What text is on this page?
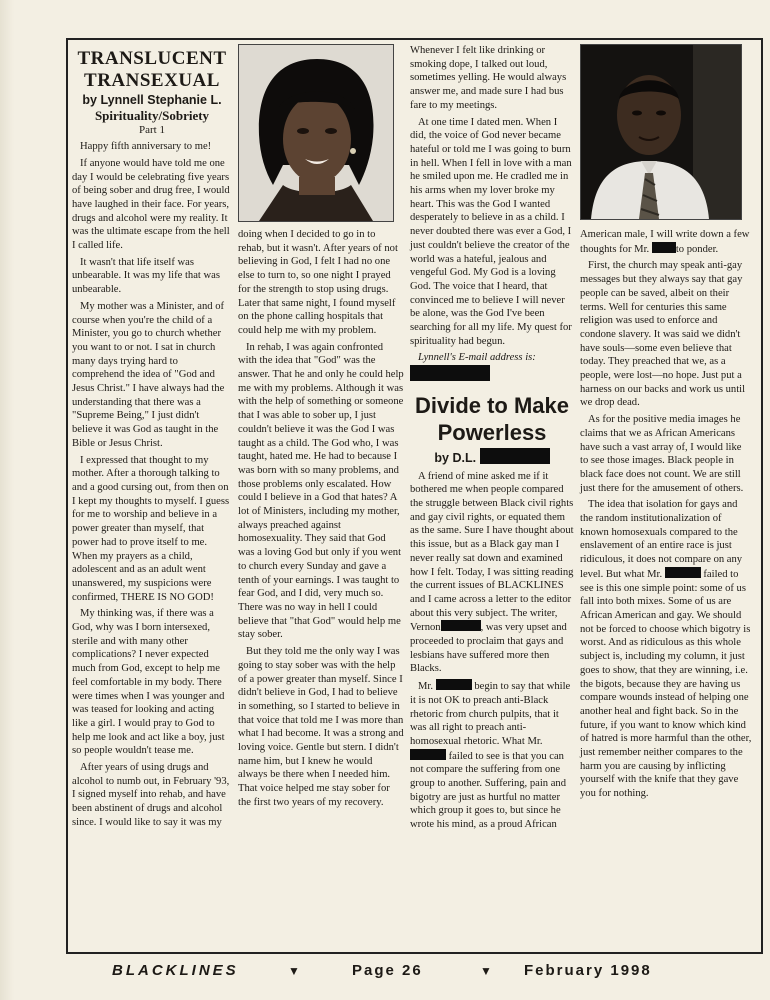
TRANSLUCENT
TRANSEXUAL
by Lynnell Stephanie L.
Spirituality/Sobriety
Part 1

Happy fifth anniversary to me!

If anyone would have told me one day I would be celebrating five years of being sober and drug free, I would have laughed in their face. For years, drugs and alcohol were my reality. It was the ultimate escape from the hell I called life.

It wasn't that life itself was unbearable. It was my life that was unbearable.

My mother was a Minister, and of course when you're the child of a Minister, you go to church whether you want to or not. I sat in church many days trying hard to comprehend the idea of "God and Jesus Christ." I have always had the understanding that there was a "Supreme Being," I just didn't believe it was God as taught in the Bible or Jesus Christ.

I expressed that thought to my mother. After a thorough talking to and a good cursing out, from then on I kept my thoughts to myself. I guess for me to worship and believe in a power greater than myself, that power had to prove itself to me. When my prayers as a child, adolescent and as an adult went unanswered, my suspicions were confirmed, THERE IS NO GOD!

My thinking was, if there was a God, why was I born intersexed, sterile and with many other complications? I never expected much from God, except to help me feel comfortable in my body. There were times when I was younger and was teased for looking and acting like a girl. I would pray to God to help me look and act like a boy, just so people wouldn't tease me.

After years of using drugs and alcohol to numb out, in February '93, I signed myself into rehab, and have been abstinent of drugs and alcohol since. I would like to say it was my

doing when I decided to go in to rehab, but it wasn't. After years of not believing in God, I felt I had no one else to turn to, so one night I prayed for the strength to stop using drugs. Later that same night, I found myself on the phone calling hospitals that could help me with my problem.

In rehab, I was again confronted with the idea that "God" was the answer. That he and only he could help me with my problems. Although it was with the help of something or someone that I was able to sober up, I just couldn't believe it was the God I was taught as a child. The God who, I was taught, hated me. He had to because I was born with so many problems, and those problems only escalated. How could I believe in a God that hates? A lot of Ministers, including my mother, always preached against homosexuality. They said that God was a loving God but only if you went to church every Sunday and gave a tenth of your earnings. I was taught to fear God, and I did, very much so. There was no way in hell I could believe that "that God" would help me stay sober.

But they told me the only way I was going to stay sober was with the help of a power greater than myself. Since I didn't believe in God, I had to believe in something, so I started to believe in that voice that told me I was more than what I had become. It was a strong and loving voice. Gentle but stern. I didn't name him, but I knew he would always be there when I needed him. That voice helped me stay sober for the first two years of my recovery.

Whenever I felt like drinking or smoking dope, I talked out loud, sometimes yelling. He would always answer me, and made sure I had bus fare to my meetings.

At one time I dated men. When I did, the voice of God never became hateful or told me I was going to burn in hell. When I fell in love with a man he smiled upon me. He cradled me in his arms when my lover broke my heart. This was the God I wanted desperately to believe in as a child. I never doubted there was ever a God, I just couldn't believe the creator of the world was a hateful, jealous and vengeful God. My God is a loving God. The voice that I heard, that convinced me to believe I will never be alone, was the God I've been searching for all my life. My quest for spirituality had begun.

Lynnell's E-mail address is:

Divide to Make
Powerless
by D.L.

A friend of mine asked me if it bothered me when people compared the struggle between Black civil rights and gay civil rights, or equated them as the same. Sure I have thought about this issue, but as a Black gay man I never really sat down and examined how I felt. Today, I was sitting reading the current issues of BLACKLINES and I came across a letter to the editor about this very subject. The writer, Vernon	, was very upset and proceeded to proclaim that gays and lesbians have suffered more then Blacks.

Mr.	begin to say that while it is not OK to preach anti-Black rhetoric from church pulpits, that it was all right to preach anti-homosexual rhetoric. What Mr.  failed to see is that you can not compare the suffering from one group to another. Suffering, pain and bigotry are just as hurtful no matter which group it goes to, but since he wrote his mind, as a proud African

American male, I will write down a few thoughts for Mr.	to ponder.

First, the church may speak anti-gay messages but they always say that gay people can be saved, albeit on their terms. Well for centuries this same religion was used to enforce and condone slavery. It was said we didn't have souls—some even believe that today. They preached that we, as a people, were lost—no hope. Just put a harness on our backs and work us until we drop dead.

As for the positive media images he claims that we as African Americans have such a vast array of, I would like to see those images. Black people in black face does not count. We are still just there for the amusement of others.

The idea that isolation for gays and the random institutionalization of known homosexuals compared to the enslavement of an entire race is just ridiculous, it does not compare on any level. But what Mr.	failed to see is this one simple point: some of us fall into both mixes. Some of us are African American and gay. We should not be forced to choose which bigotry is worst. And as ridiculous as this whole subject is, including my column, it just goes to show, that they are winning, i.e. the bigots, because they are having us compare wounds instead of helping one another heal and fight back. So in the future, if you want to know which kind of hatred is more harmful than the other, just remember neither compares to the harm you are causing by inflicting yourself with the knife that they gave you for nothing.

BLACKLINES	▼	Page 26	▼ February 1998
